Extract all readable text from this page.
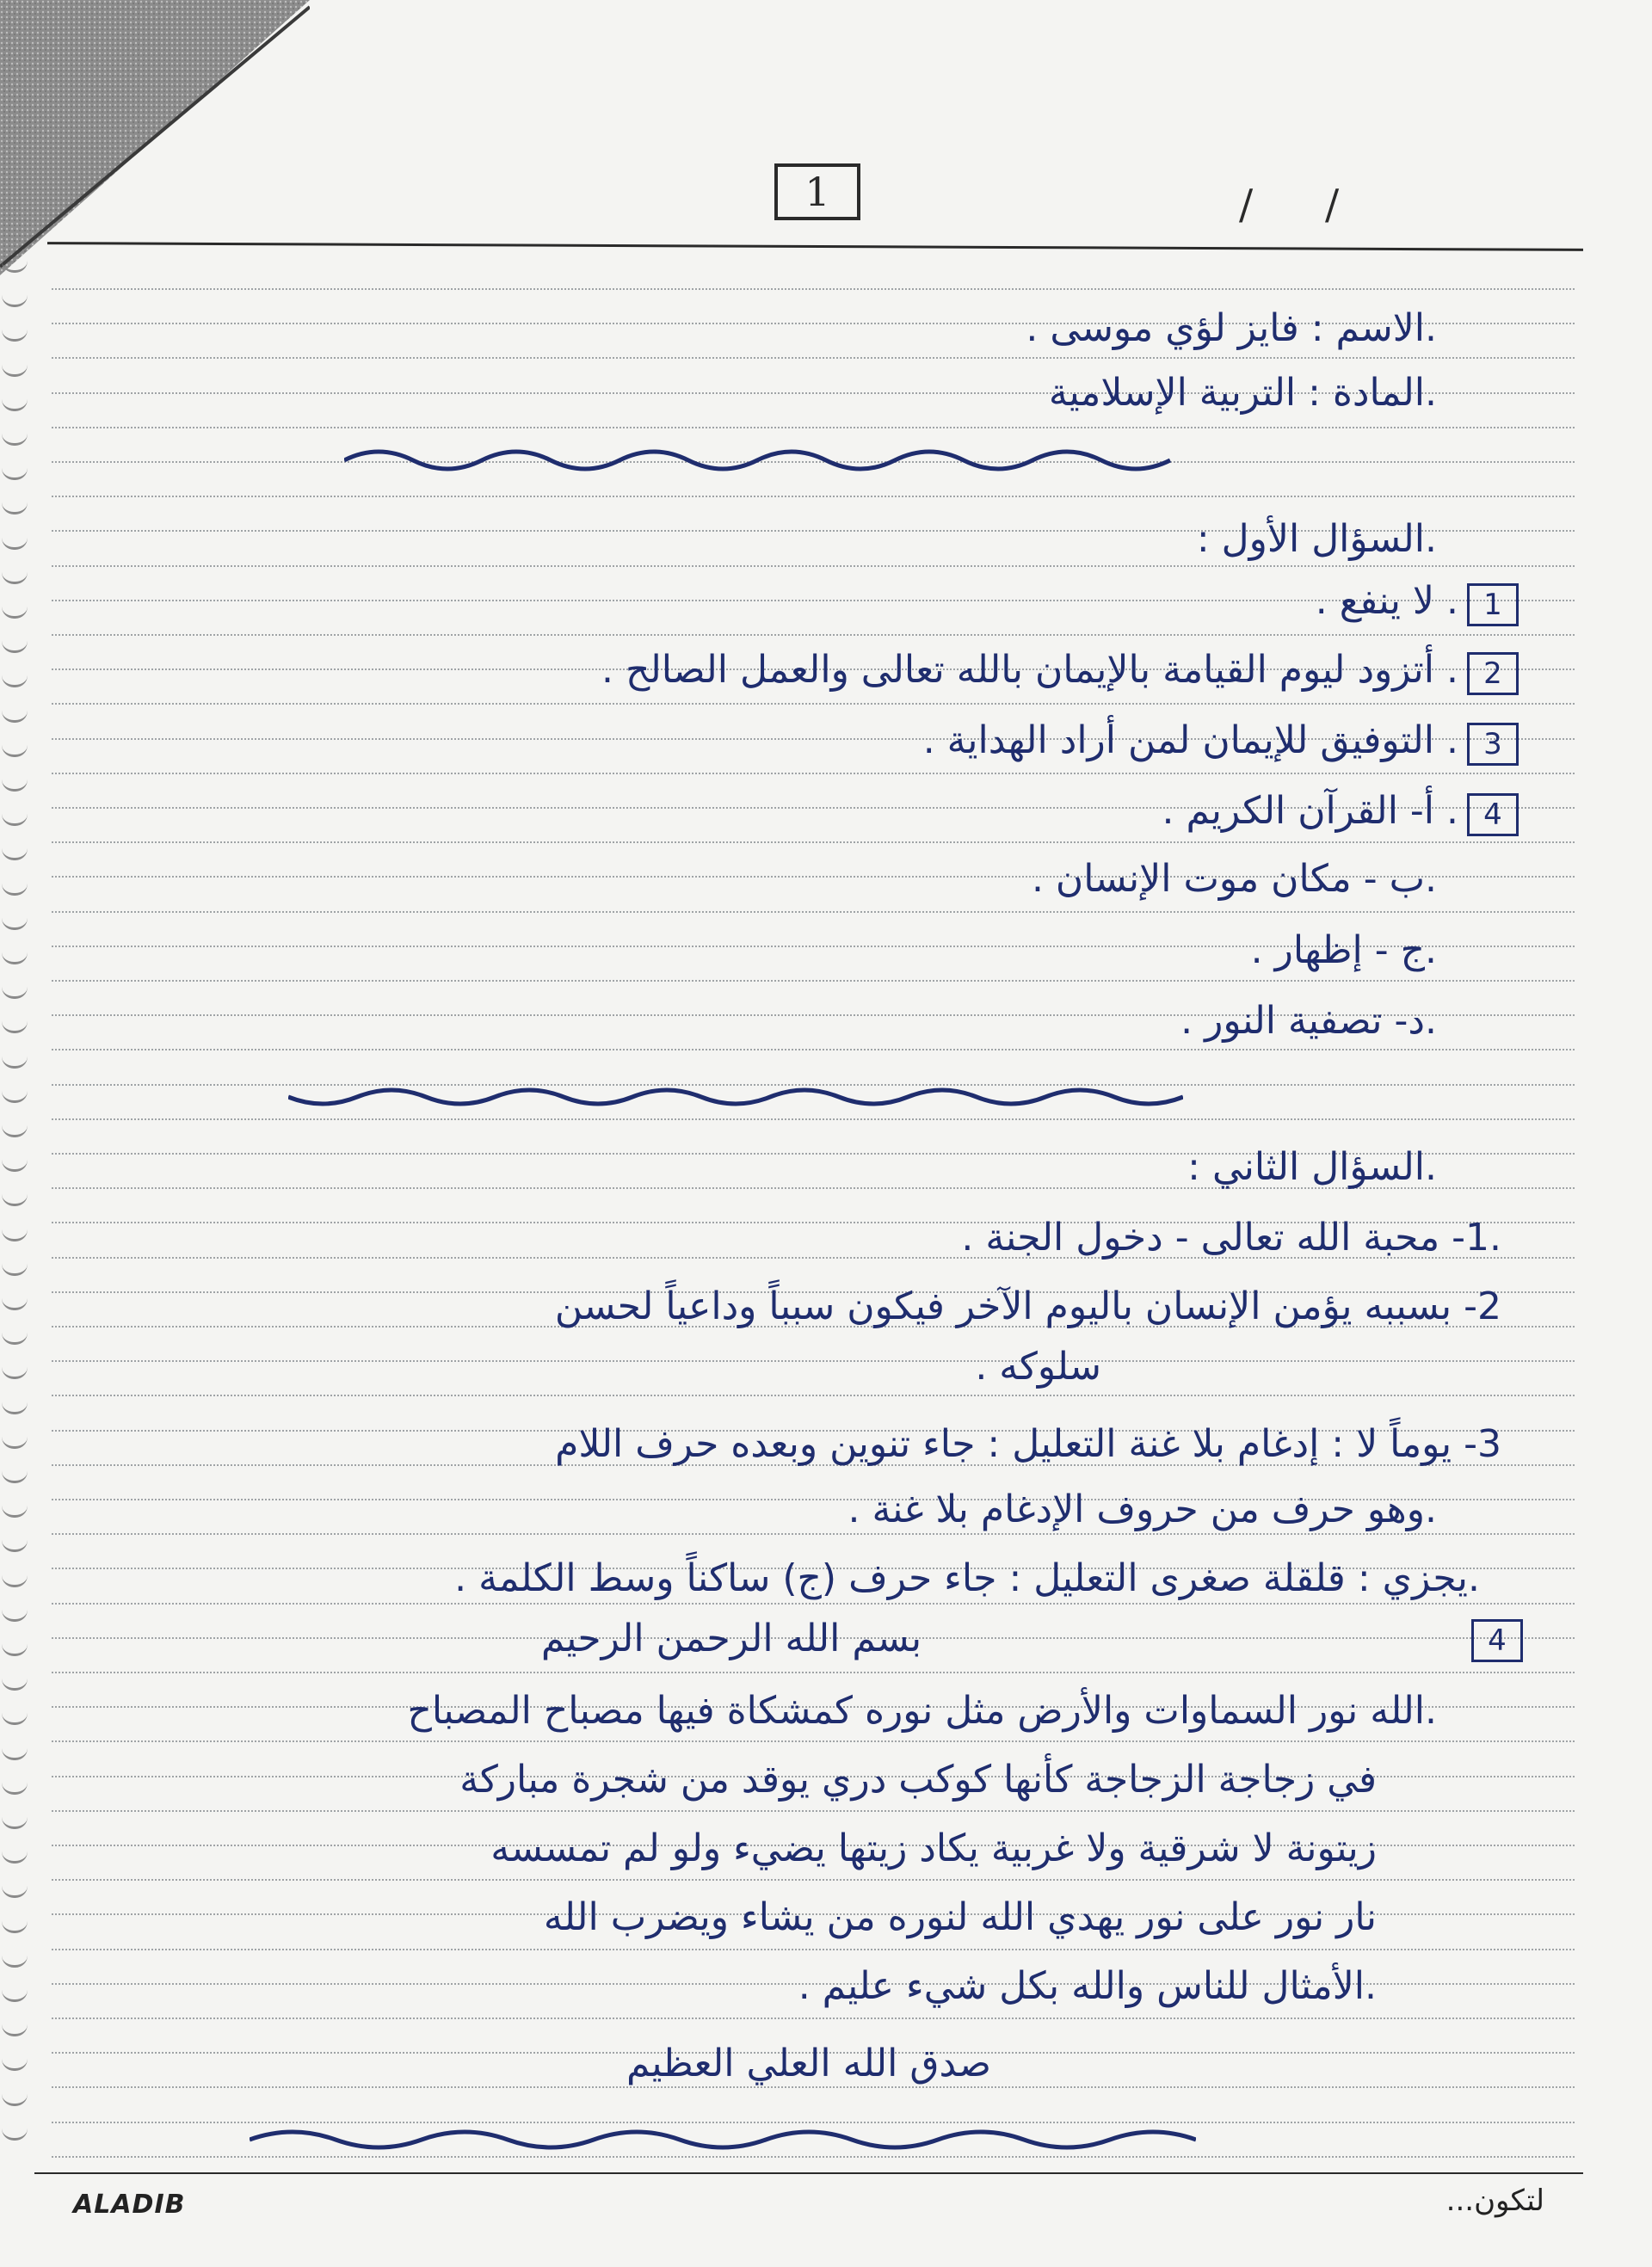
1	/ /
.الاسم : فايز لؤي موسى .
.المادة : التربية الإسلامية
.السؤال الأول :
1
. لا ينفع .
2
. أتزود ليوم القيامة بالإيمان بالله تعالى والعمل الصالح .
3
. التوفيق للإيمان لمن أراد الهداية .
4
. أ- القرآن الكريم .
.ب - مكان موت الإنسان .
.ج - إظهار .
.د- تصفية النور .
.السؤال الثاني :
.1- محبة الله تعالى - دخول الجنة .
2- بسببه يؤمن الإنسان باليوم الآخر فيكون سبباً وداعياً لحسن
سلوكه .
3- يوماً لا : إدغام بلا غنة التعليل : جاء تنوين وبعده حرف اللام
.وهو حرف من حروف الإدغام بلا غنة .
.يجزي : قلقلة صغرى التعليل : جاء حرف (ج) ساكناً وسط الكلمة .
4
بسم الله الرحمن الرحيم
.الله نور السماوات والأرض مثل نوره كمشكاة فيها مصباح المصباح
في زجاجة الزجاجة كأنها كوكب دري يوقد من شجرة مباركة
زيتونة لا شرقية ولا غربية يكاد زيتها يضيء ولو لم تمسسه
نار نور على نور يهدي الله لنوره من يشاء ويضرب الله
.الأمثال للناس والله بكل شيء عليم .
صدق الله العلي العظيم
ALADIB	لتكون...
